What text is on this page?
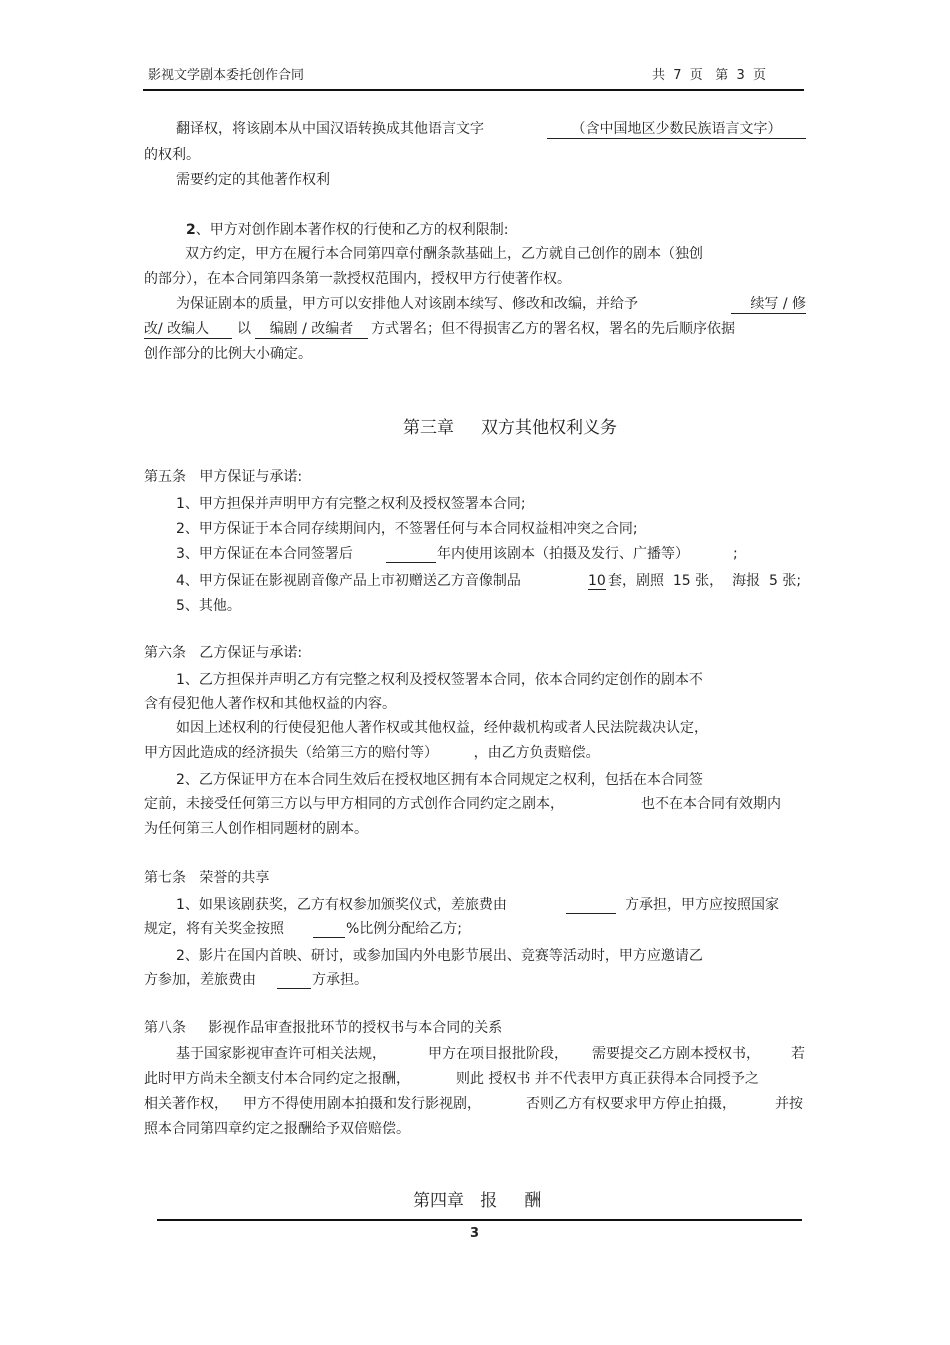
影视文学剧本委托创作合同	共  7  页   第  3  页
翻译权，将该剧本从中国汉语转换成其他语言文字	（含中国地区少数民族语言文字）
的权利。
需要约定的其他著作权利
2、甲方对创作剧本著作权的行使和乙方的权利限制:
双方约定，甲方在履行本合同第四章付酬条款基础上，乙方就自己创作的剧本（独创
的部分），在本合同第四条第一款授权范围内，授权甲方行使著作权。
为保证剧本的质量，甲方可以安排他人对该剧本续写、修改和改编，并给予	续写 / 修
改/ 改编人	以	编剧 / 改编者	方式署名；但不得损害乙方的署名权，署名的先后顺序依据
创作部分的比例大小确定。
第三章     双方其他权利义务
第五条   甲方保证与承诺:
1、甲方担保并声明甲方有完整之权利及授权签署本合同;
2、甲方保证于本合同存续期间内，不签署任何与本合同权益相冲突之合同;
3、甲方保证在本合同签署后	年内使用该剧本（拍摄及发行、广播等）	;
4、甲方保证在影视剧音像产品上市初赠送乙方音像制品	10 套，剧照  15 张，  海报  5 张;
5、其他。
第六条   乙方保证与承诺:
1、乙方担保并声明乙方有完整之权利及授权签署本合同，依本合同约定创作的剧本不
含有侵犯他人著作权和其他权益的内容。
如因上述权利的行使侵犯他人著作权或其他权益，经仲裁机构或者人民法院裁决认定，
甲方因此造成的经济损失（给第三方的赔付等）        ，由乙方负责赔偿。
2、乙方保证甲方在本合同生效后在授权地区拥有本合同规定之权利，包括在本合同签
定前，未接受任何第三方以与甲方相同的方式创作合同约定之剧本，	也不在本合同有效期内
为任何第三人创作相同题材的剧本。
第七条   荣誉的共享
1、如果该剧获奖，乙方有权参加颁奖仪式，差旅费由	方承担，甲方应按照国家
规定，将有关奖金按照	%比例分配给乙方;
2、影片在国内首映、研讨，或参加国内外电影节展出、竞赛等活动时，甲方应邀请乙
方参加，差旅费由	方承担。
第八条     影视作品审查报批环节的授权书与本合同的关系
基于国家影视审查许可相关法规，	甲方在项目报批阶段， 需要提交乙方剧本授权书， 若
此时甲方尚未全额支付本合同约定之报酬，	则此 授权书 并不代表甲方真正获得本合同授予之
相关著作权， 甲方不得使用剧本拍摄和发行影视剧，	否则乙方有权要求甲方停止拍摄，	并按
照本合同第四章约定之报酬给予双倍赔偿。
第四章   报     酬
3
